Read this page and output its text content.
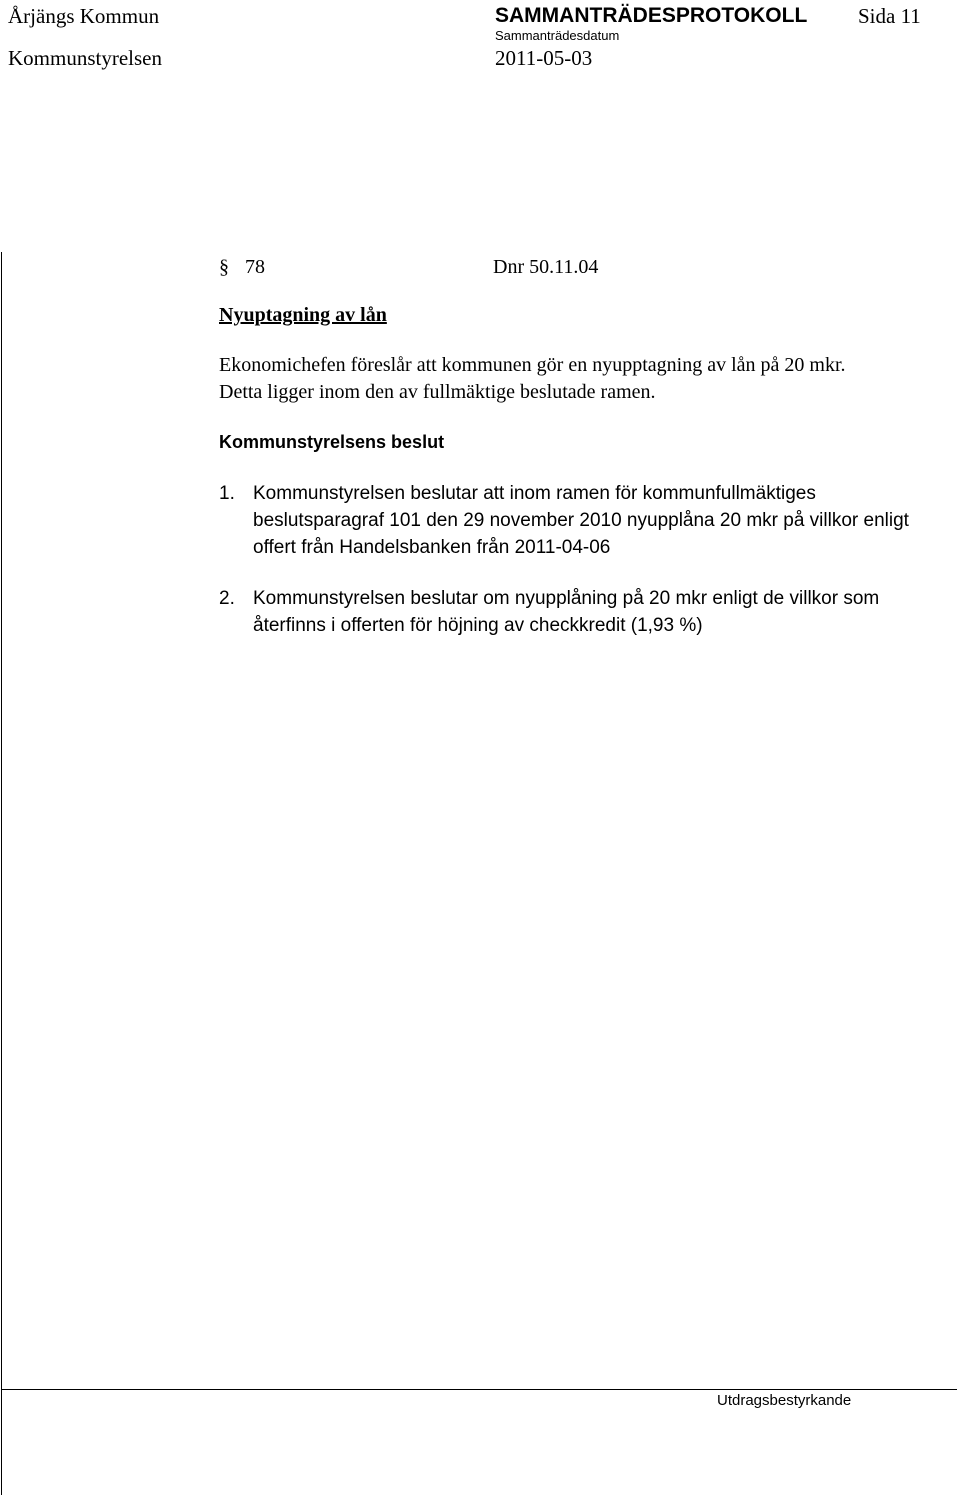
Årjängs Kommun	SAMMANTRÄDESPROTOKOLL Sida 11
Kommunstyrelsen
Sammanträdesdatum
2011-05-03
§ 78	Dnr 50.11.04
Nyuptagning av lån
Ekonomichefen föreslår att kommunen gör en nyupptagning av lån på 20 mkr.
Detta ligger inom den av fullmäktige beslutade ramen.
Kommunstyrelsens beslut
1. Kommunstyrelsen beslutar att inom ramen för kommunfullmäktiges beslutsparagraf 101 den 29 november 2010 nyupplåna 20 mkr på villkor enligt offert från Handelsbanken från 2011-04-06
2. Kommunstyrelsen beslutar om nyupplåning på 20 mkr enligt de villkor som återfinns i offerten för höjning av checkkredit (1,93 %)
Utdragsbestyrkande
